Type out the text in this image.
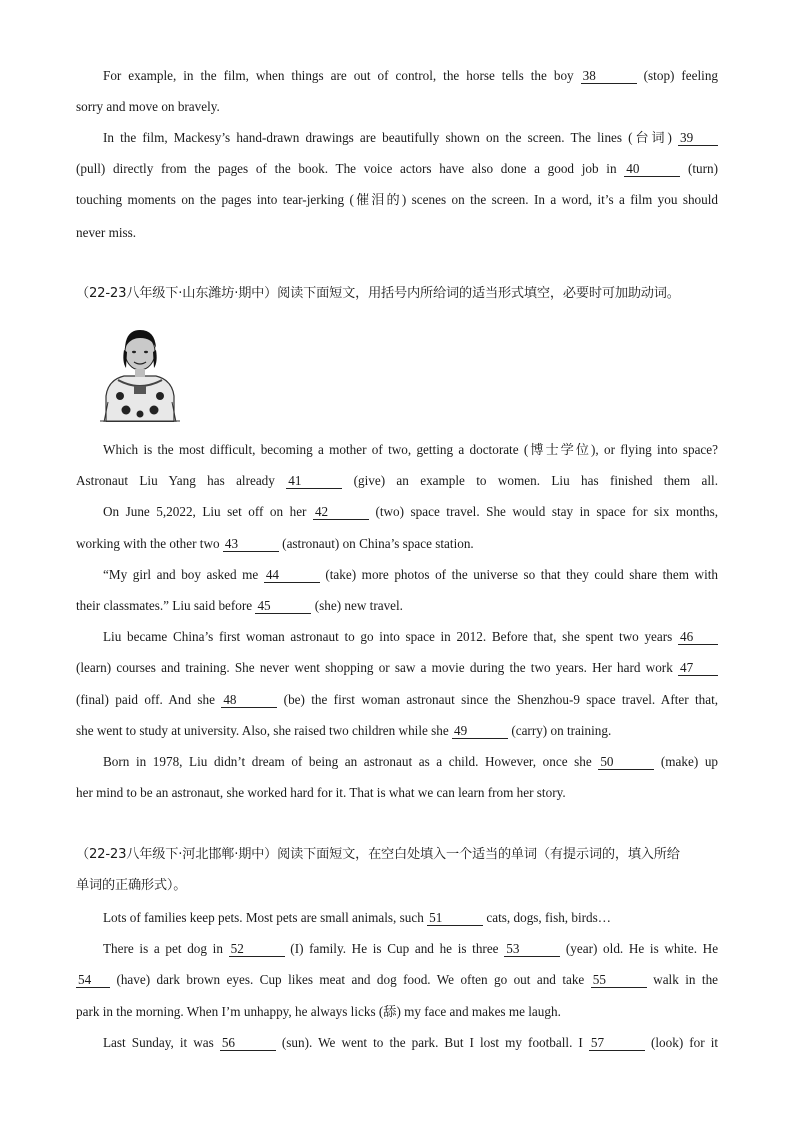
For example, in the film, when things are out of control, the horse tells the boy 38	(stop) feeling
sorry and move on bravely.
In the film, Mackesy’s hand-drawn drawings are beautifully shown on the screen. The lines (台词) 39
(pull) directly from the pages of the book. The voice actors have also done a good job in 40	(turn)
touching moments on the pages into tear-jerking (催泪的) scenes on the screen. In a word, it’s a film you should
never miss.
（22-23八年级下·山东潍坊·期中）阅读下面短文，用括号内所给词的适当形式填空，必要时可加助动词。
Which is the most difficult, becoming a mother of two, getting a doctorate (博士学位), or flying into space?
Astronaut Liu Yang has already 41	(give) an example to women. Liu has finished them all.
On June 5,2022, Liu set off on her 42	(two) space travel. She would stay in space for six months,
working with the other two 43	(astronaut) on China’s space station.
“My girl and boy asked me 44	(take) more photos of the universe so that they could share them with
their classmates.” Liu said before 45	(she) new travel.
Liu became China’s first woman astronaut to go into space in 2012. Before that, she spent two years 46
(learn) courses and training. She never went shopping or saw a movie during the two years. Her hard work 47
(final) paid off. And she 48	(be) the first woman astronaut since the Shenzhou-9 space travel. After that,
she went to study at university. Also, she raised two children while she 49	(carry) on training.
Born in 1978, Liu didn’t dream of being an astronaut as a child. However, once she 50	(make) up
her mind to be an astronaut, she worked hard for it. That is what we can learn from her story.
（22-23八年级下·河北邯郸·期中）阅读下面短文，在空白处填入一个适当的单词（有提示词的，填入所给
单词的正确形式）。
Lots of families keep pets. Most pets are small animals, such 51	cats, dogs, fish, birds…
There is a pet dog in 52	(I) family. He is Cup and he is three 53	(year) old. He is white. He
54 (have) dark brown eyes. Cup likes meat and dog food. We often go out and take 55	walk in the
park in the morning. When I’m unhappy, he always licks (舔) my face and makes me laugh.
Last Sunday, it was 56	(sun). We went to the park. But I lost my football. I 57	(look) for it
